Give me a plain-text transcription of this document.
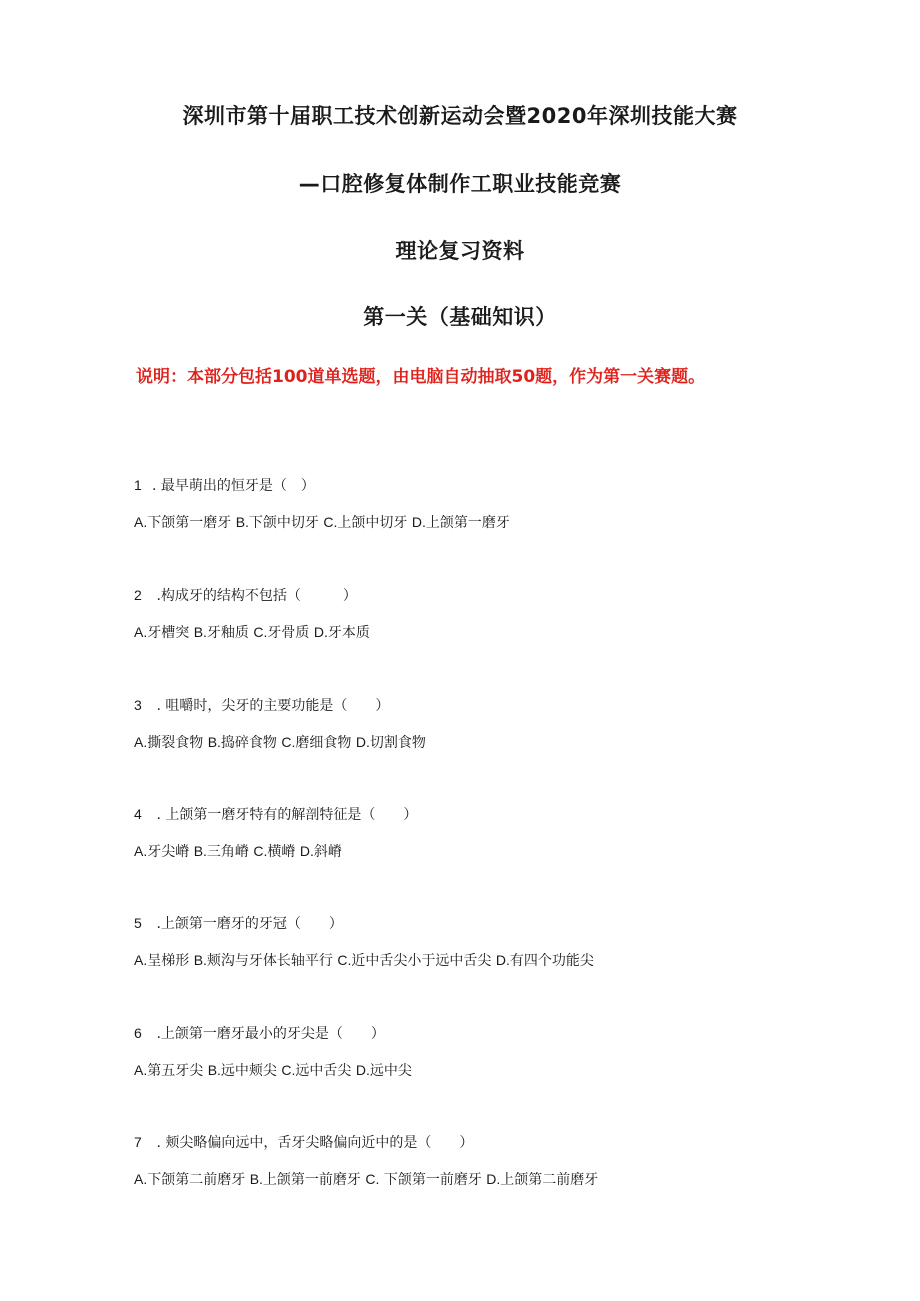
深圳市第十届职工技术创新运动会暨2020年深圳技能大赛
—口腔修复体制作工职业技能竞赛
理论复习资料
第一关（基础知识）
说明：本部分包括100道单选题，由电脑自动抽取50题，作为第一关赛题。
1 . 最早萌出的恒牙是（　）
A.下颌第一磨牙 B.下颌中切牙 C.上颌中切牙 D.上颌第一磨牙
2 .构成牙的结构不包括（　　　）
A.牙槽突 B.牙釉质 C.牙骨质 D.牙本质
3 . 咀嚼时，尖牙的主要功能是（　　）
A.撕裂食物 B.捣碎食物 C.磨细食物 D.切割食物
4 . 上颌第一磨牙特有的解剖特征是（　　）
A.牙尖嵴 B.三角嵴 C.横嵴 D.斜嵴
5 .上颌第一磨牙的牙冠（　　）
A.呈梯形 B.颊沟与牙体长轴平行 C.近中舌尖小于远中舌尖 D.有四个功能尖
6 .上颌第一磨牙最小的牙尖是（　　）
A.第五牙尖 B.远中颊尖 C.远中舌尖 D.远中尖
7 . 颊尖略偏向远中，舌牙尖略偏向近中的是（　　）
A.下颌第二前磨牙 B.上颌第一前磨牙 C. 下颌第一前磨牙 D.上颌第二前磨牙
